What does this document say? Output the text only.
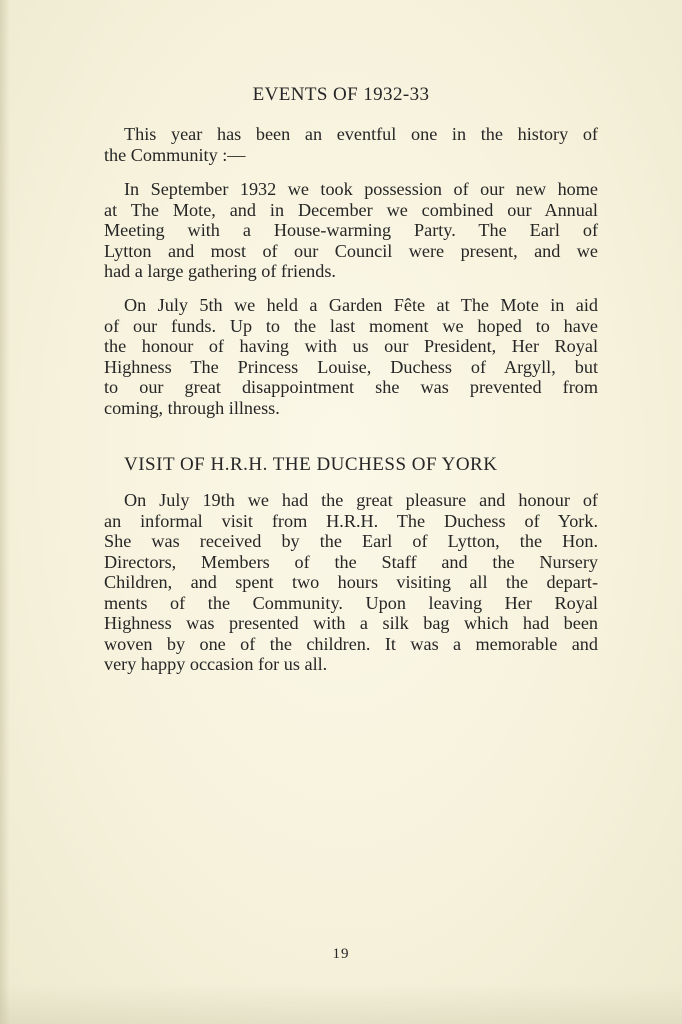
EVENTS OF 1932-33

This year has been an eventful one in the history of
the Community :—

In September 1932 we took possession of our new home
at The Mote, and in December we combined our Annual
Meeting with a House-warming Party. The Earl of
Lytton and most of our Council were present, and we
had a large gathering of friends.

On July 5th we held a Garden Fête at The Mote in aid
of our funds. Up to the last moment we hoped to have
the honour of having with us our President, Her Royal
Highness The Princess Louise, Duchess of Argyll, but
to our great disappointment she was prevented from
coming, through illness.

VISIT OF H.R.H. THE DUCHESS OF YORK

On July 19th we had the great pleasure and honour of
an informal visit from H.R.H. The Duchess of York.
She was received by the Earl of Lytton, the Hon.
Directors, Members of the Staff and the Nursery
Children, and spent two hours visiting all the depart-
ments of the Community. Upon leaving Her Royal
Highness was presented with a silk bag which had been
woven by one of the children. It was a memorable and
very happy occasion for us all.

19
